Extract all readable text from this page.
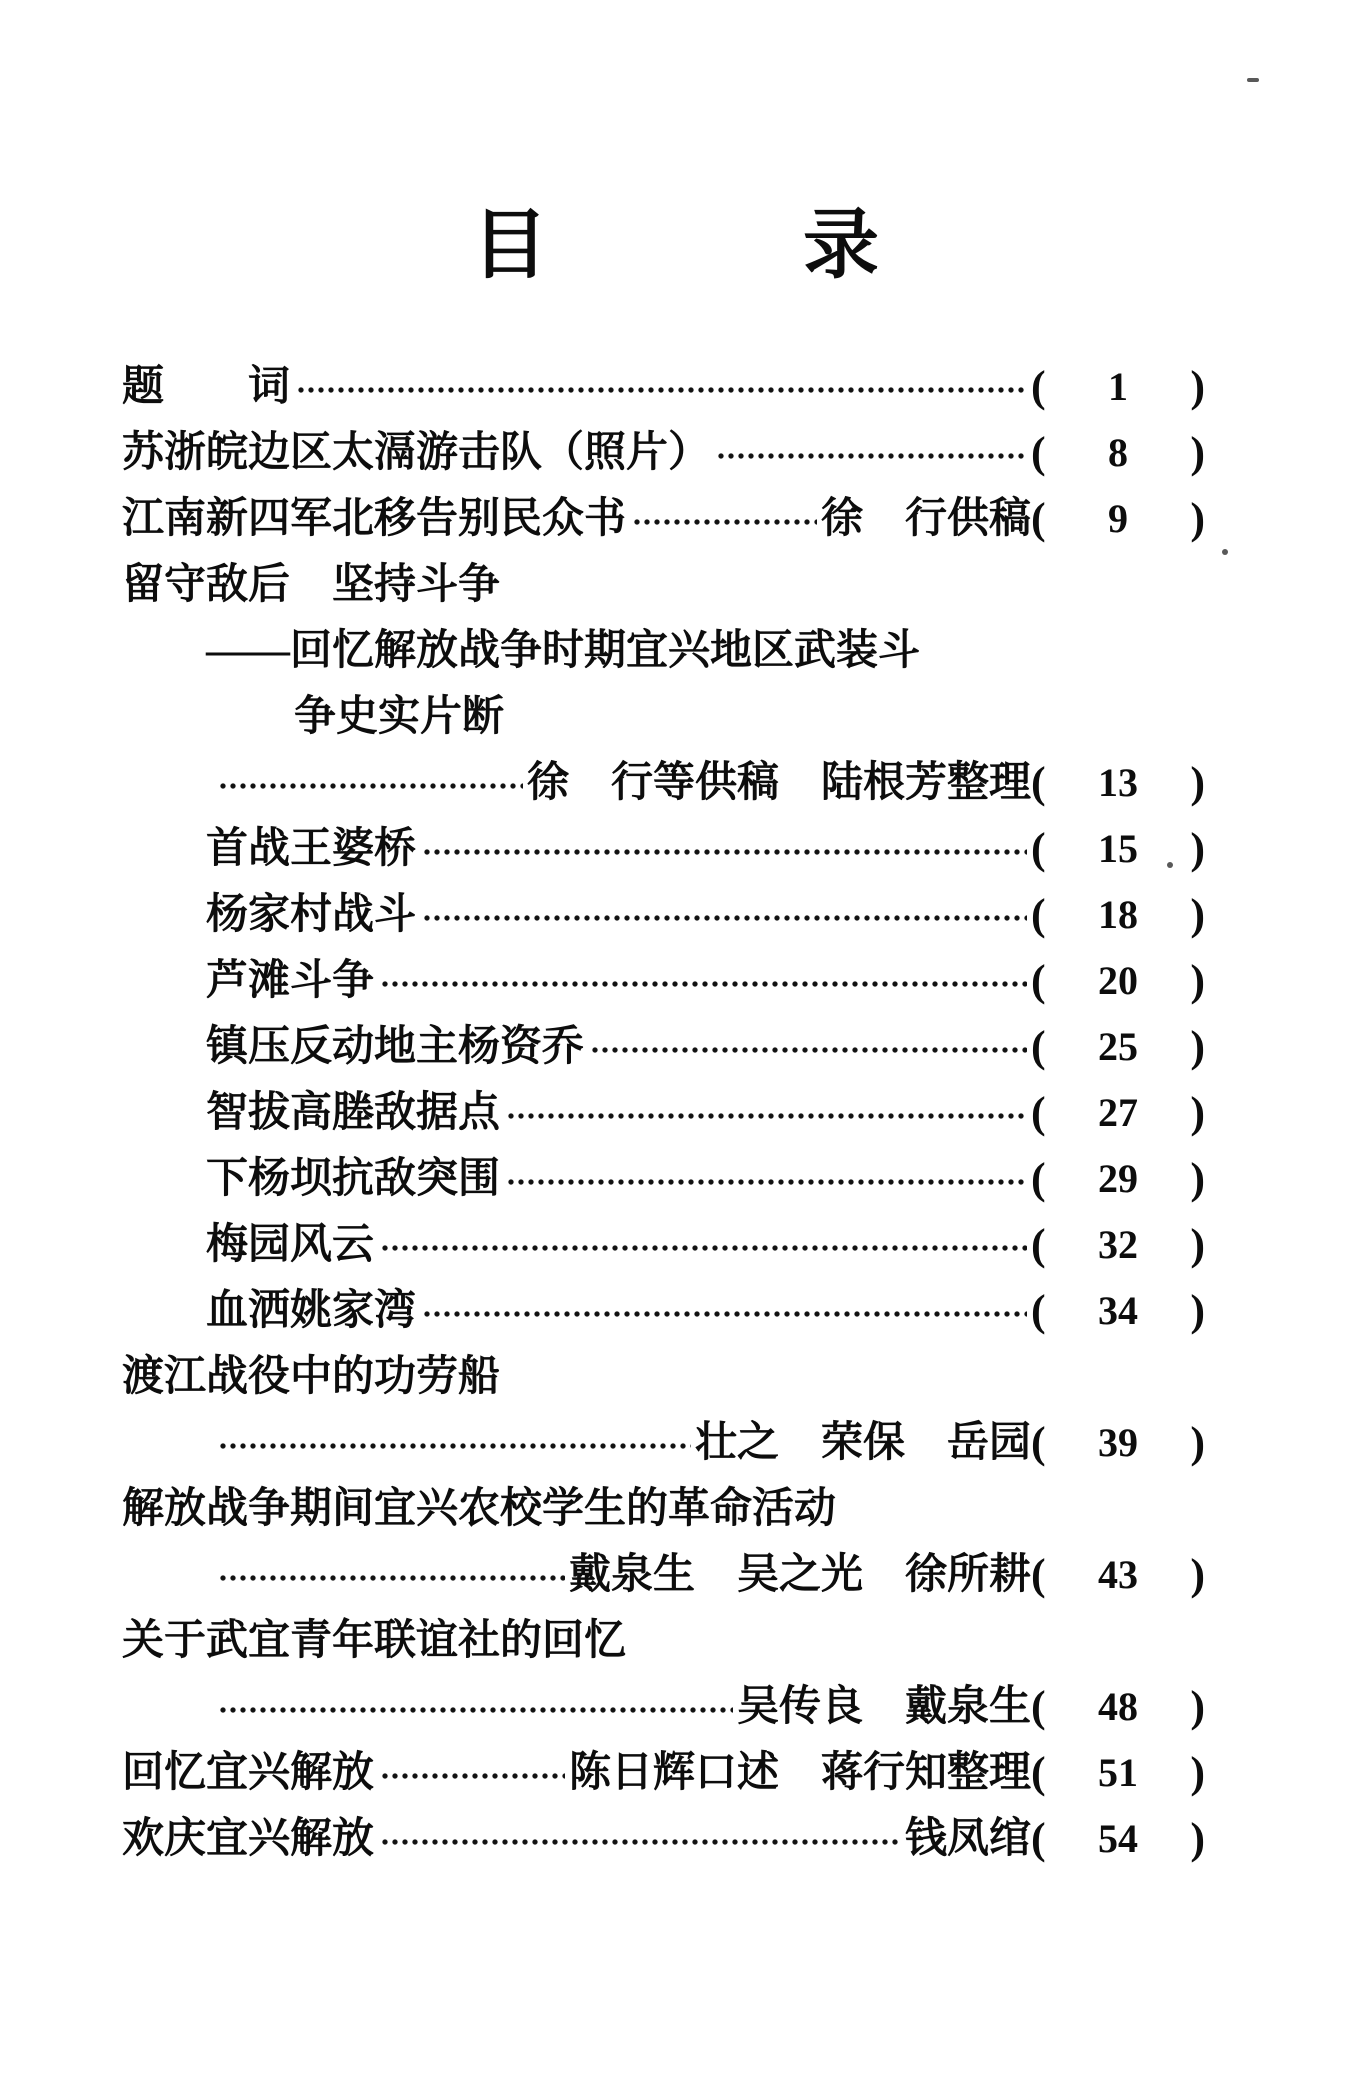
目	录
题　　词	(	1	)
苏浙皖边区太滆游击队（照片）	(	8	)
江南新四军北移告别民众书	徐　行供稿 (	9	)
留守敌后　坚持斗争
——回忆解放战争时期宜兴地区武装斗
争史实片断
徐　行等供稿　陆根芳整理 (	13	)
首战王婆桥	(	15	)
杨家村战斗	(	18	)
芦滩斗争	(	20	)
镇压反动地主杨资乔	(	25	)
智拔高塍敌据点	(	27	)
下杨坝抗敌突围	(	29	)
梅园风云	(	32	)
血洒姚家湾	(	34	)
渡江战役中的功劳船
壮之　荣保　岳园 (	39	)
解放战争期间宜兴农校学生的革命活动
戴泉生　吴之光　徐所耕 (	43	)
关于武宜青年联谊社的回忆
吴传良　戴泉生 (	48	)
回忆宜兴解放	陈日辉口述　蒋行知整理 (	51	)
欢庆宜兴解放	钱凤绾 (	54	)
